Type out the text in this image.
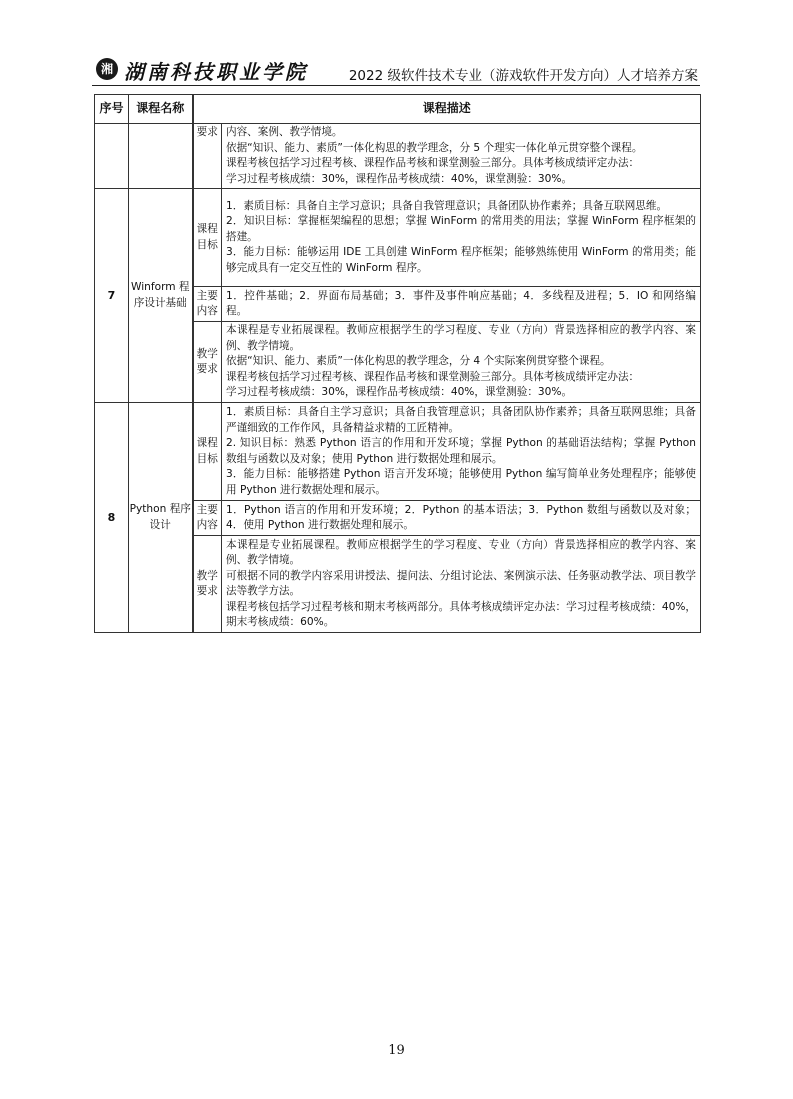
湘 湖南科技职业学院	2022 级软件技术专业（游戏软件开发方向）人才培养方案
序号	课程名称	课程描述	
		要求	内容、案例、教学情境。

依据“知识、能力、素质”一体化构思的教学理念，分 5 个理实一体化单元贯穿整个课程。

课程考核包括学习过程考核、课程作品考核和课堂测验三部分。具体考核成绩评定办法：

学习过程考核成绩：30%，课程作品考核成绩：40%，课堂测验：30%。

7	Winform 程序设计基础	课程目标	1．素质目标：具备自主学习意识；具备自我管理意识；具备团队协作素养；具备互联网思维。

2．知识目标：掌握框架编程的思想；掌握 WinForm 的常用类的用法；掌握 WinForm 程序框架的搭建。

3．能力目标：能够运用 IDE 工具创建 WinForm 程序框架；能够熟练使用 WinForm 的常用类；能够完成具有一定交互性的 WinForm 程序。

		主要内容	1．控件基础；2．界面布局基础；3．事件及事件响应基础；4．多线程及进程；5．IO 和网络编程。

		教学要求	本课程是专业拓展课程。教师应根据学生的学习程度、专业（方向）背景选择相应的教学内容、案例、教学情境。

依据“知识、能力、素质”一体化构思的教学理念，分 4 个实际案例贯穿整个课程。

课程考核包括学习过程考核、课程作品考核和课堂测验三部分。具体考核成绩评定办法：

学习过程考核成绩：30%，课程作品考核成绩：40%，课堂测验：30%。

8	Python 程序设计	课程目标	1．素质目标：具备自主学习意识；具备自我管理意识；具备团队协作素养；具备互联网思维；具备严谨细致的工作作风，具备精益求精的工匠精神。

2. 知识目标：熟悉 Python 语言的作用和开发环境；掌握 Python 的基础语法结构；掌握 Python 数组与函数以及对象；使用 Python 进行数据处理和展示。

3．能力目标：能够搭建 Python 语言开发环境；能够使用 Python 编写简单业务处理程序；能够使用 Python 进行数据处理和展示。

		主要内容	1．Python 语言的作用和开发环境；2．Python 的基本语法；3．Python 数组与函数以及对象；4．使用 Python 进行数据处理和展示。

		教学要求	本课程是专业拓展课程。教师应根据学生的学习程度、专业（方向）背景选择相应的教学内容、案例、教学情境。

可根据不同的教学内容采用讲授法、提问法、分组讨论法、案例演示法、任务驱动教学法、项目教学法等教学方法。

课程考核包括学习过程考核和期末考核两部分。具体考核成绩评定办法：学习过程考核成绩：40%，期末考核成绩：60%。

19
